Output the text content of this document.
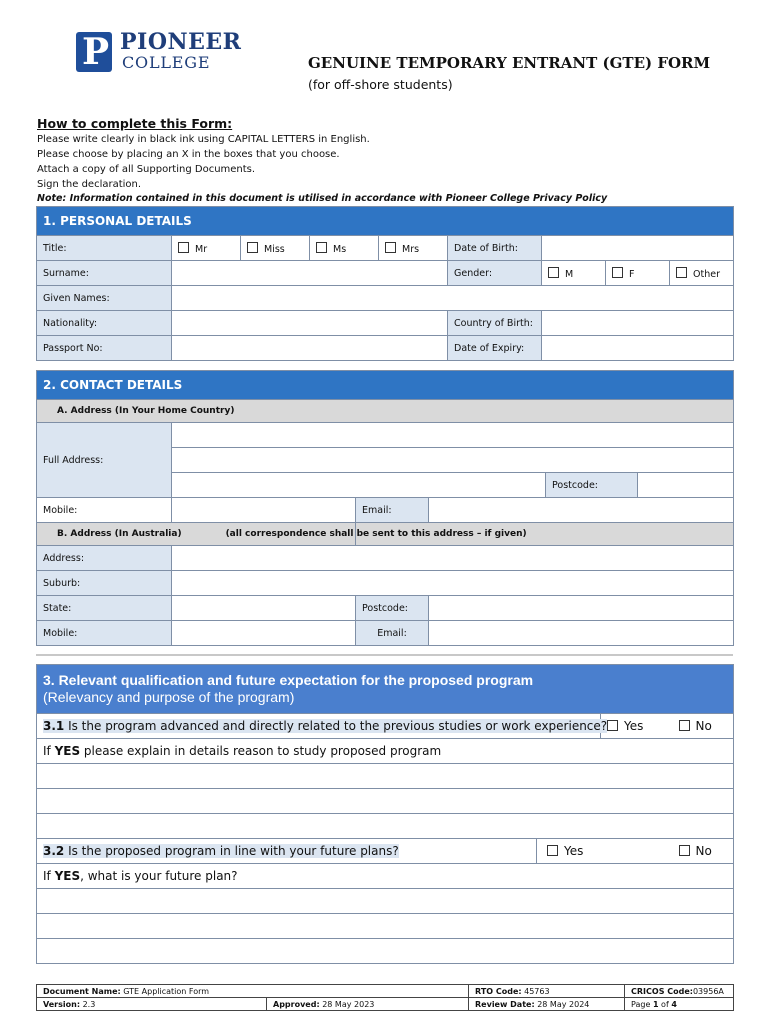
P PIONEER
COLLEGE	GENUINE TEMPORARY ENTRANT (GTE) FORM
(for off-shore students)
How to complete this Form:
Please write clearly in black ink using CAPITAL LETTERS in English.
Please choose by placing an X in the boxes that you choose.
Attach a copy of all Supporting Documents.
Sign the declaration.
Note: Information contained in this document is utilised in accordance with Pioneer College Privacy Policy
1. PERSONAL DETAILS								
Title:	Mr	Miss	Ms	Mrs	Date of Birth:			
Surname:					Gender:	M	F	Other
Given Names:								
Nationality:					Country of Birth:			
Passport No:					Date of Expiry:			
2. CONTACT DETAILS					
A. Address (In Your Home Country)					
Full Address:					

				Postcode:	
Mobile:		Email:			
B. Address (In Australia) (all correspondence shall be sent to this address – if given)					
Address:					
Suburb:					
State:		Postcode:			
Mobile:		Email:			
3. Relevant qualification and future expectation for the proposed program
(Relevancy and purpose of the program)			

3.1 Is the program advanced and directly related to the previous studies or work experience?		Yes	No
If YES please explain in details reason to study proposed program			

3.2 Is the proposed program in line with your future plans?	Yes		No
If YES, what is your future plan?			

Document Name: GTE Application Form		RTO Code: 45763	CRICOS Code:03956A
Version: 2.3	Approved: 28 May 2023	Review Date: 28 May 2024	Page 1 of 4
